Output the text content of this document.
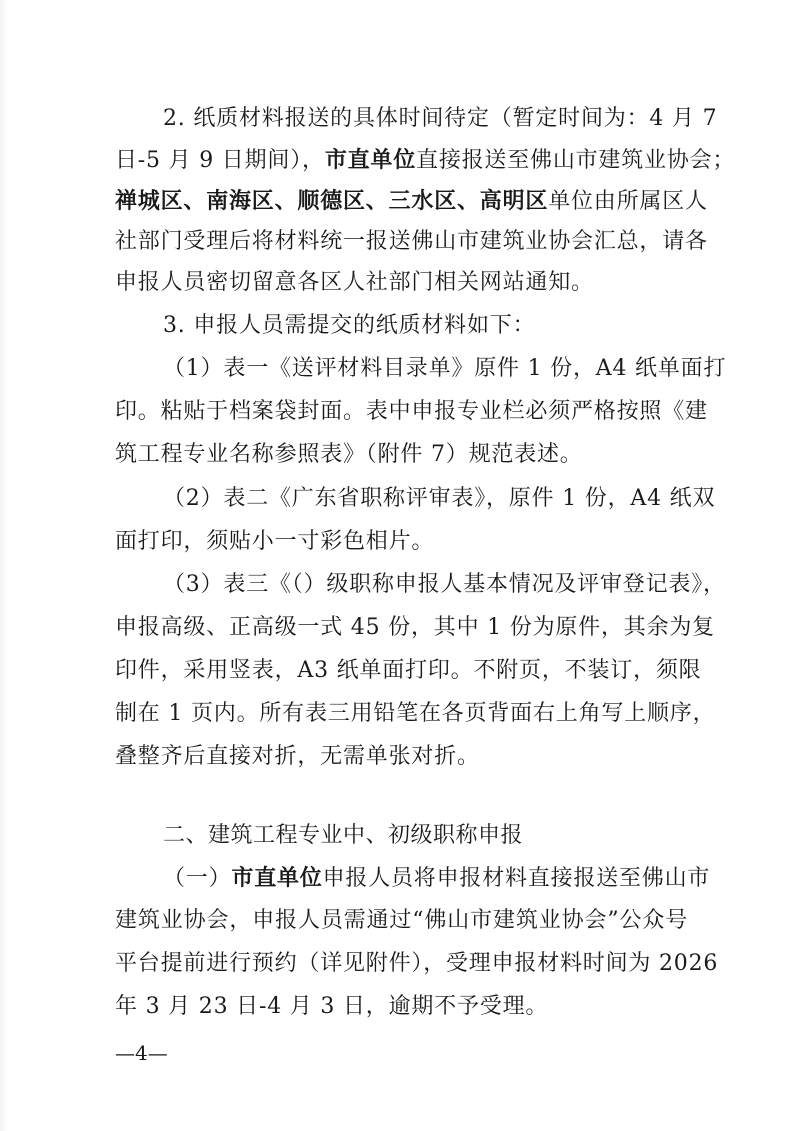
2. 纸质材料报送的具体时间待定（暂定时间为：4 月 7
日-5 月 9 日期间），市直单位直接报送至佛山市建筑业协会；
禅城区、南海区、顺德区、三水区、高明区单位由所属区人
社部门受理后将材料统一报送佛山市建筑业协会汇总，请各
申报人员密切留意各区人社部门相关网站通知。
3. 申报人员需提交的纸质材料如下：
（1）表一《送评材料目录单》原件 1 份，A4 纸单面打
印。粘贴于档案袋封面。表中申报专业栏必须严格按照《建
筑工程专业名称参照表》（附件 7）规范表述。
（2）表二《广东省职称评审表》，原件 1 份，A4 纸双
面打印，须贴小一寸彩色相片。
（3）表三《（）级职称申报人基本情况及评审登记表》，
申报高级、正高级一式 45 份，其中 1 份为原件，其余为复
印件，采用竖表，A3 纸单面打印。不附页，不装订，须限
制在 1 页内。所有表三用铅笔在各页背面右上角写上顺序，
叠整齐后直接对折，无需单张对折。
二、建筑工程专业中、初级职称申报
（一）市直单位申报人员将申报材料直接报送至佛山市
建筑业协会，申报人员需通过“佛山市建筑业协会”公众号
平台提前进行预约（详见附件），受理申报材料时间为 2026
年 3 月 23 日-4 月 3 日，逾期不予受理。
—4—
